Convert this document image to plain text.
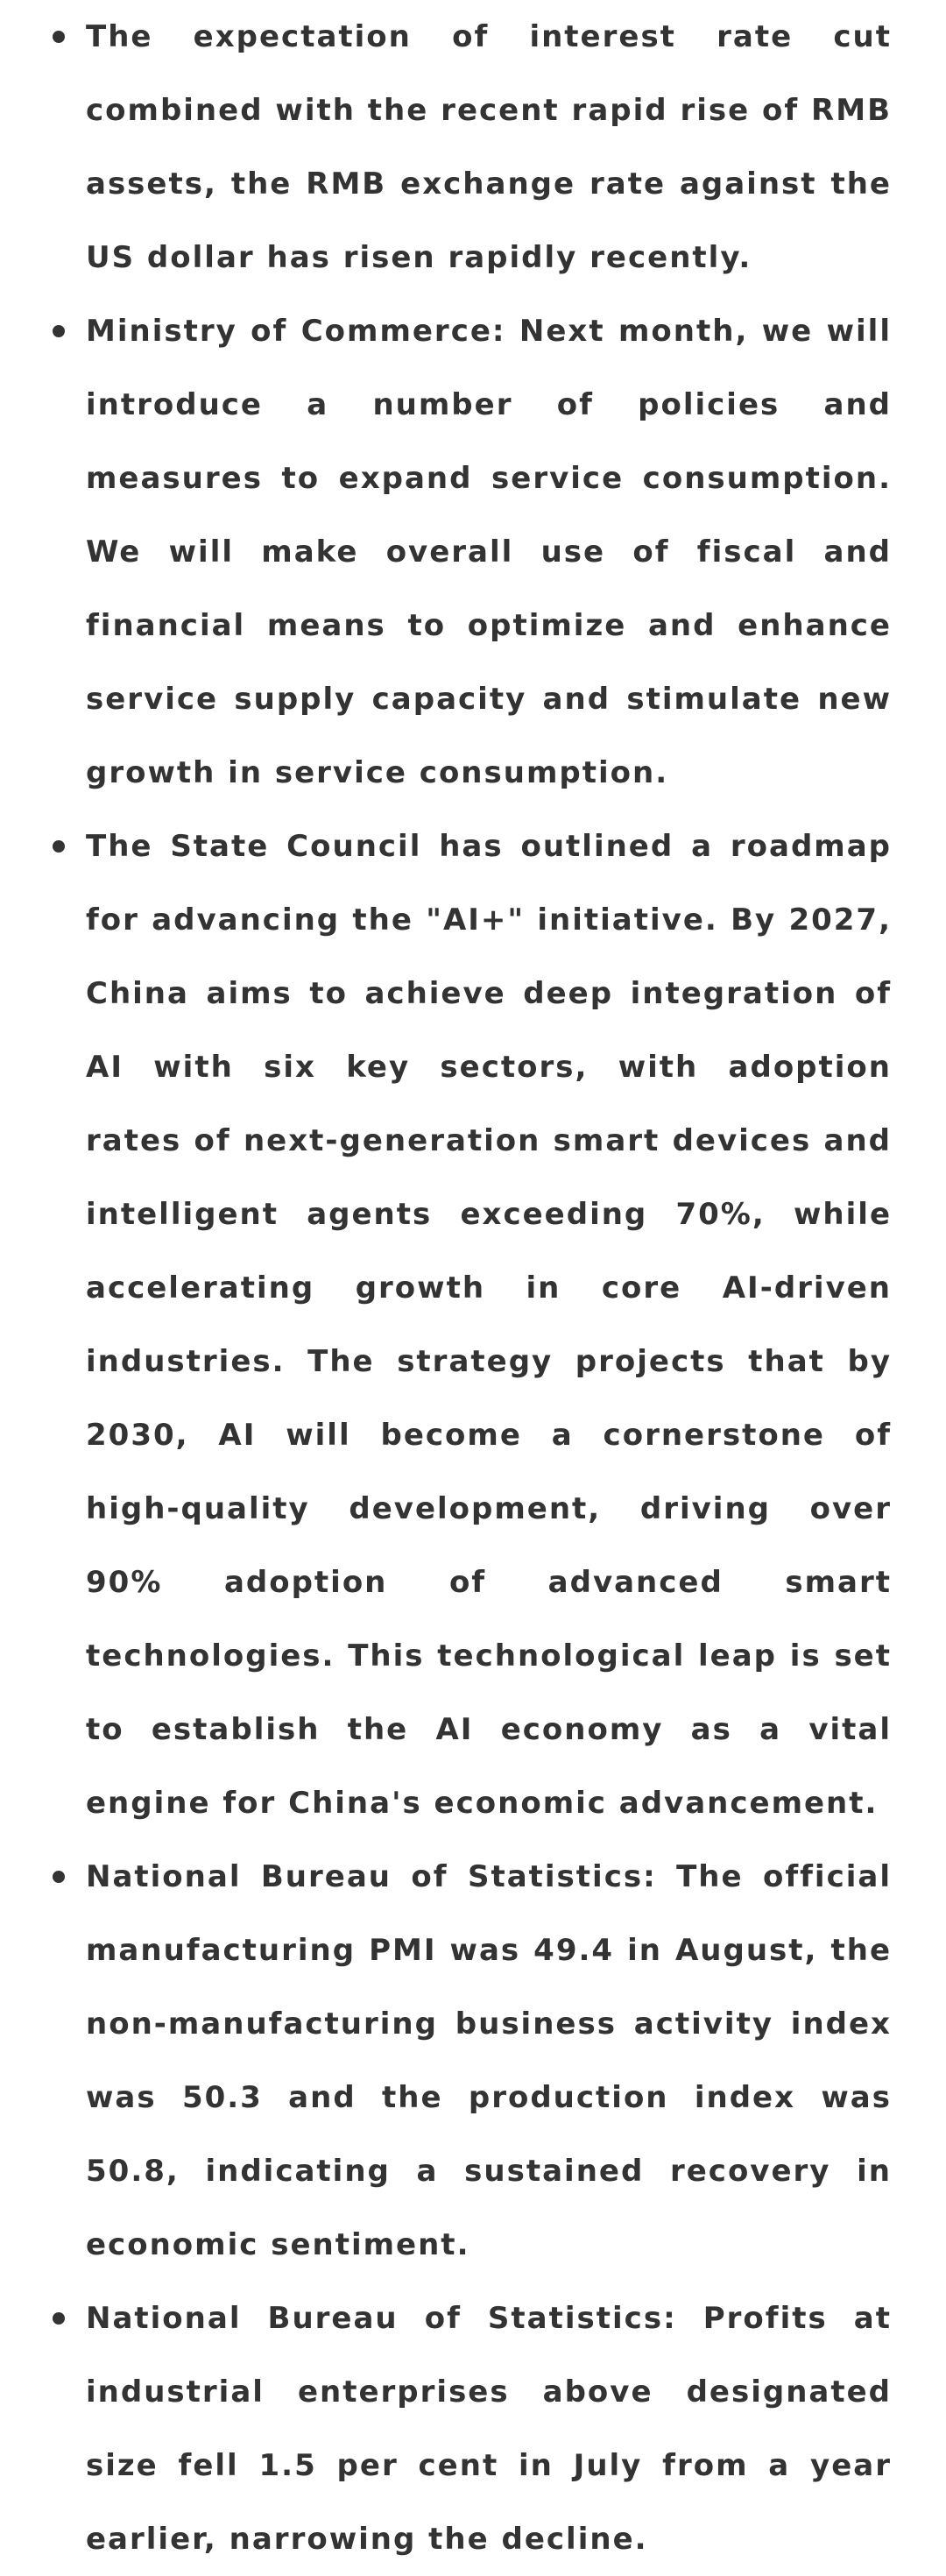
The expectation of interest rate cut combined with the recent rapid rise of RMB assets, the RMB exchange rate against the US dollar has risen rapidly recently.
Ministry of Commerce: Next month, we will introduce a number of policies and measures to expand service consumption. We will make overall use of fiscal and financial means to optimize and enhance service supply capacity and stimulate new growth in service consumption.
The State Council has outlined a roadmap for advancing the "AI+" initiative. By 2027, China aims to achieve deep integration of AI with six key sectors, with adoption rates of next-generation smart devices and intelligent agents exceeding 70%, while accelerating growth in core AI-driven industries. The strategy projects that by 2030, AI will become a cornerstone of high-quality development, driving over 90% adoption of advanced smart technologies. This technological leap is set to establish the AI economy as a vital engine for China's economic advancement.
National Bureau of Statistics: The official manufacturing PMI was 49.4 in August, the non-manufacturing business activity index was 50.3 and the production index was 50.8, indicating a sustained recovery in economic sentiment.
National Bureau of Statistics: Profits at industrial enterprises above designated size fell 1.5 per cent in July from a year earlier, narrowing the decline.
